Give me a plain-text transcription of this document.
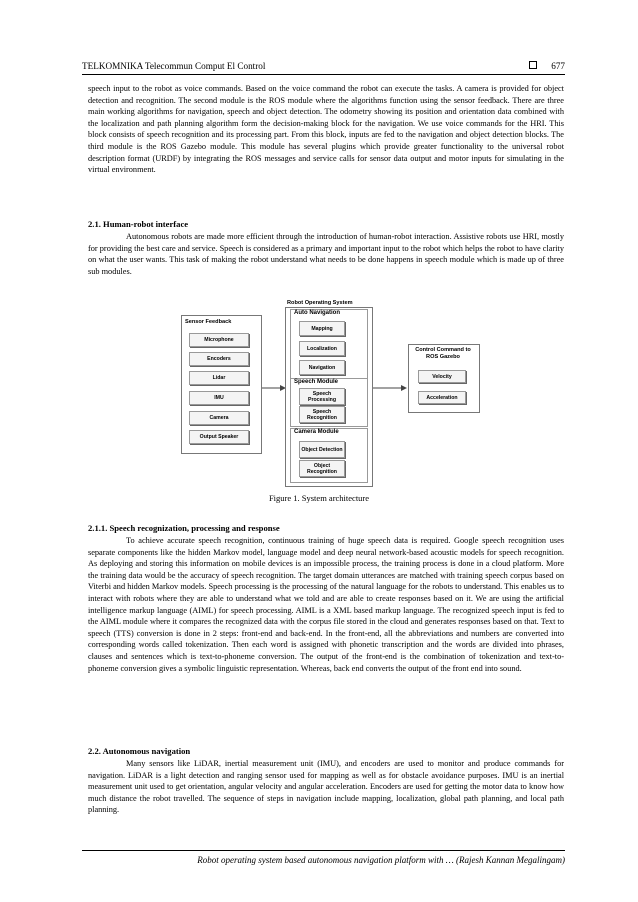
TELKOMNIKA Telecommun Comput El Control	677

speech input to the robot as voice commands. Based on the voice command the robot can execute the tasks. A camera is provided for object detection and recognition. The second module is the ROS module where the algorithms function using the sensor feedback. There are three main working algorithms for navigation, speech and object detection. The odometry showing its position and orientation data combined with the localization and path planning algorithm form the decision-making block for the navigation. We use voice commands for the HRI. This block consists of speech recognition and its processing part. From this block, inputs are fed to the navigation and object detection blocks. The third module is the ROS Gazebo module. This module has several plugins which provide greater functionality to the universal robot description format (URDF) by integrating the ROS messages and service calls for sensor data output and motor inputs for simulating in the virtual environment.

2.1. Human-robot interface

Autonomous robots are made more efficient through the introduction of human-robot interaction. Assistive robots use HRI, mostly for providing the best care and service. Speech is considered as a primary and important input to the robot which helps the robot to have clarity on what the user wants. This task of making the robot understand what needs to be done happens in speech module which is made up of three sub modules.

Robot Operating System
Sensor Feedback
Microphone
Encoders
Lidar
IMU
Camera
Output Speaker
Auto Navigation
Mapping
Localization
Navigation
Speech Module
Speech Processing
Speech Recognition
Camera Module
Object Detection
Object Recognition
Control Command to ROS Gazebo
Velocity
Acceleration
Figure 1. System architecture

2.1.1. Speech recognization, processing and response

To achieve accurate speech recognition, continuous training of huge speech data is required. Google speech recognition uses separate components like the hidden Markov model, language model and deep neural network-based acoustic models for speech recognition. As deploying and storing this information on mobile devices is an impossible process, the training process is done in a cloud platform. More the training data would be the accuracy of speech recognition. The target domain utterances are matched with training speech corpus based on Viterbi and hidden Markov models. Speech processing is the processing of the natural language for the robots to understand. This enables us to interact with robots where they are able to understand what we told and are able to create responses based on it. We are using the artificial intelligence markup language (AIML) for speech processing. AIML is a XML based markup language. The recognized speech input is fed to the AIML module where it compares the recognized data with the corpus file stored in the cloud and generates responses based on that. Text to speech (TTS) conversion is done in 2 steps: front-end and back-end. In the front-end, all the abbreviations and numbers are converted into corresponding words called tokenization. Then each word is assigned with phonetic transcription and the words are divided into phrases, clauses and sentences which is text-to-phoneme conversion. The output of the front-end is the combination of tokenization and text-to-phoneme conversion gives a symbolic linguistic representation. Whereas, back end converts the output of the front end into sound.

2.2. Autonomous navigation

Many sensors like LiDAR, inertial measurement unit (IMU), and encoders are used to monitor and produce commands for navigation. LiDAR is a light detection and ranging sensor used for mapping as well as for obstacle avoidance purposes. IMU is an inertial measurement unit used to get orientation, angular velocity and angular acceleration. Encoders are used for getting the motor data to know how much distance the robot travelled. The sequence of steps in navigation include mapping, localization, global path planning, and local path planning.

Robot operating system based autonomous navigation platform with … (Rajesh Kannan Megalingam)
